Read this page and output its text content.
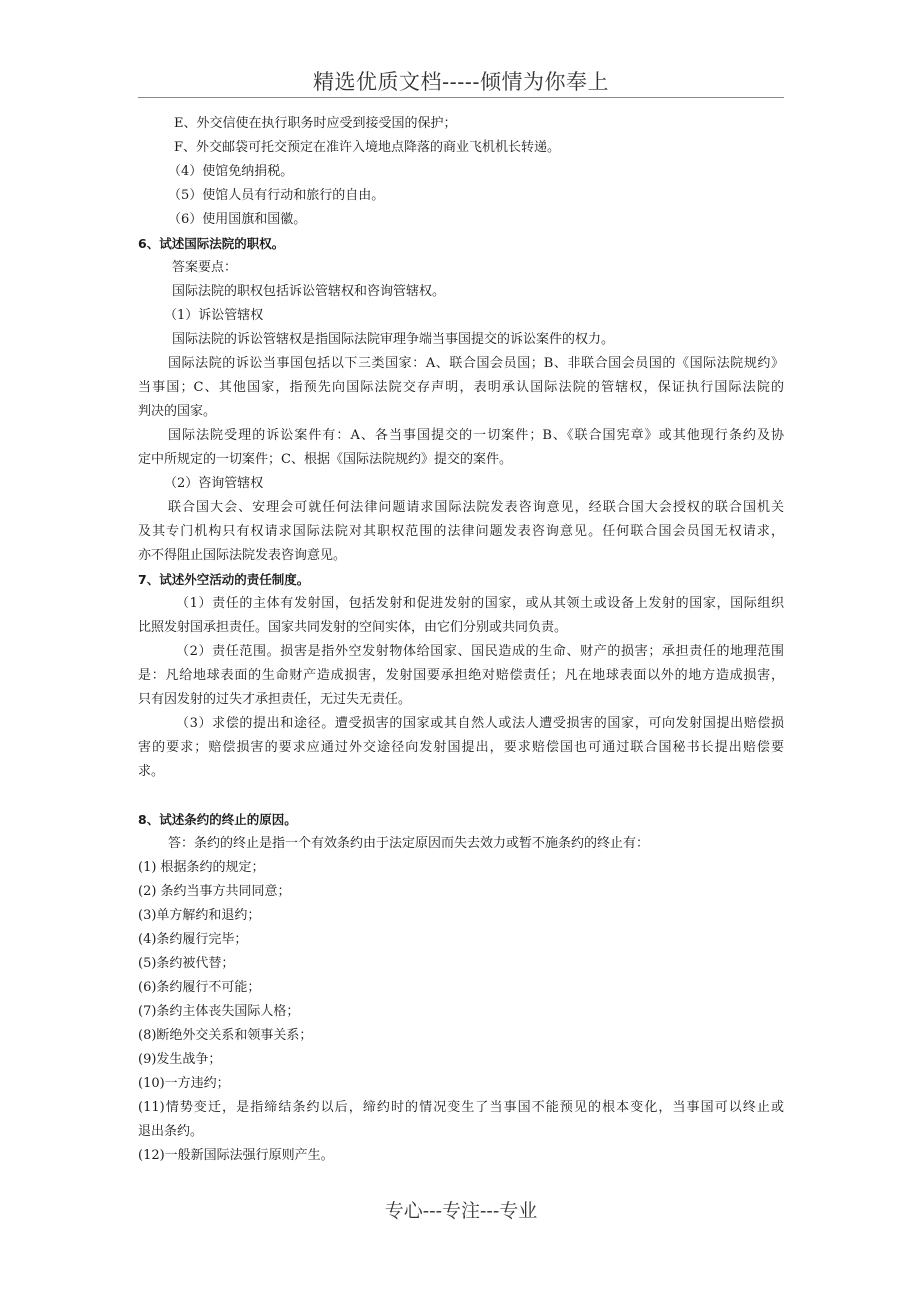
精选优质文档-----倾情为你奉上
E、外交信使在执行职务时应受到接受国的保护；
F、外交邮袋可托交预定在准许入境地点降落的商业飞机机长转递。
（4）使馆免纳捐税。
（5）使馆人员有行动和旅行的自由。
（6）使用国旗和国徽。
6、试述国际法院的职权。
答案要点：
国际法院的职权包括诉讼管辖权和咨询管辖权。
（1）诉讼管辖权
国际法院的诉讼管辖权是指国际法院审理争端当事国提交的诉讼案件的权力。
国际法院的诉讼当事国包括以下三类国家：A、联合国会员国；B、非联合国会员国的《国际法院规约》
当事国；C、其他国家，指预先向国际法院交存声明，表明承认国际法院的管辖权，保证执行国际法院的
判决的国家。
国际法院受理的诉讼案件有：A、各当事国提交的一切案件；B、《联合国宪章》或其他现行条约及协
定中所规定的一切案件；C、根据《国际法院规约》提交的案件。
（2）咨询管辖权
联合国大会、安理会可就任何法律问题请求国际法院发表咨询意见，经联合国大会授权的联合国机关
及其专门机构只有权请求国际法院对其职权范围的法律问题发表咨询意见。任何联合国会员国无权请求，
亦不得阻止国际法院发表咨询意见。
7、试述外空活动的责任制度。
（1）责任的主体有发射国，包括发射和促进发射的国家，或从其领土或设备上发射的国家，国际组织
比照发射国承担责任。国家共同发射的空间实体，由它们分别或共同负责。
（2）责任范围。损害是指外空发射物体给国家、国民造成的生命、财产的损害；承担责任的地理范围
是：凡给地球表面的生命财产造成损害，发射国要承担绝对赔偿责任；凡在地球表面以外的地方造成损害，
只有因发射的过失才承担责任，无过失无责任。
（3）求偿的提出和途径。遭受损害的国家或其自然人或法人遭受损害的国家，可向发射国提出赔偿损
害的要求；赔偿损害的要求应通过外交途径向发射国提出，要求赔偿国也可通过联合国秘书长提出赔偿要
求。
8、试述条约的终止的原因。
答：条约的终止是指一个有效条约由于法定原因而失去效力或暂不施条约的终止有：
(1) 根据条约的规定；
(2) 条约当事方共同同意；
(3)单方解约和退约；
(4)条约履行完毕；
(5)条约被代替；
(6)条约履行不可能；
(7)条约主体丧失国际人格；
(8)断绝外交关系和领事关系；
(9)发生战争；
(10)一方违约；
(11)情势变迁，是指缔结条约以后，缔约时的情况变生了当事国不能预见的根本变化，当事国可以终止或
退出条约。
(12)一般新国际法强行原则产生。
专心---专注---专业
